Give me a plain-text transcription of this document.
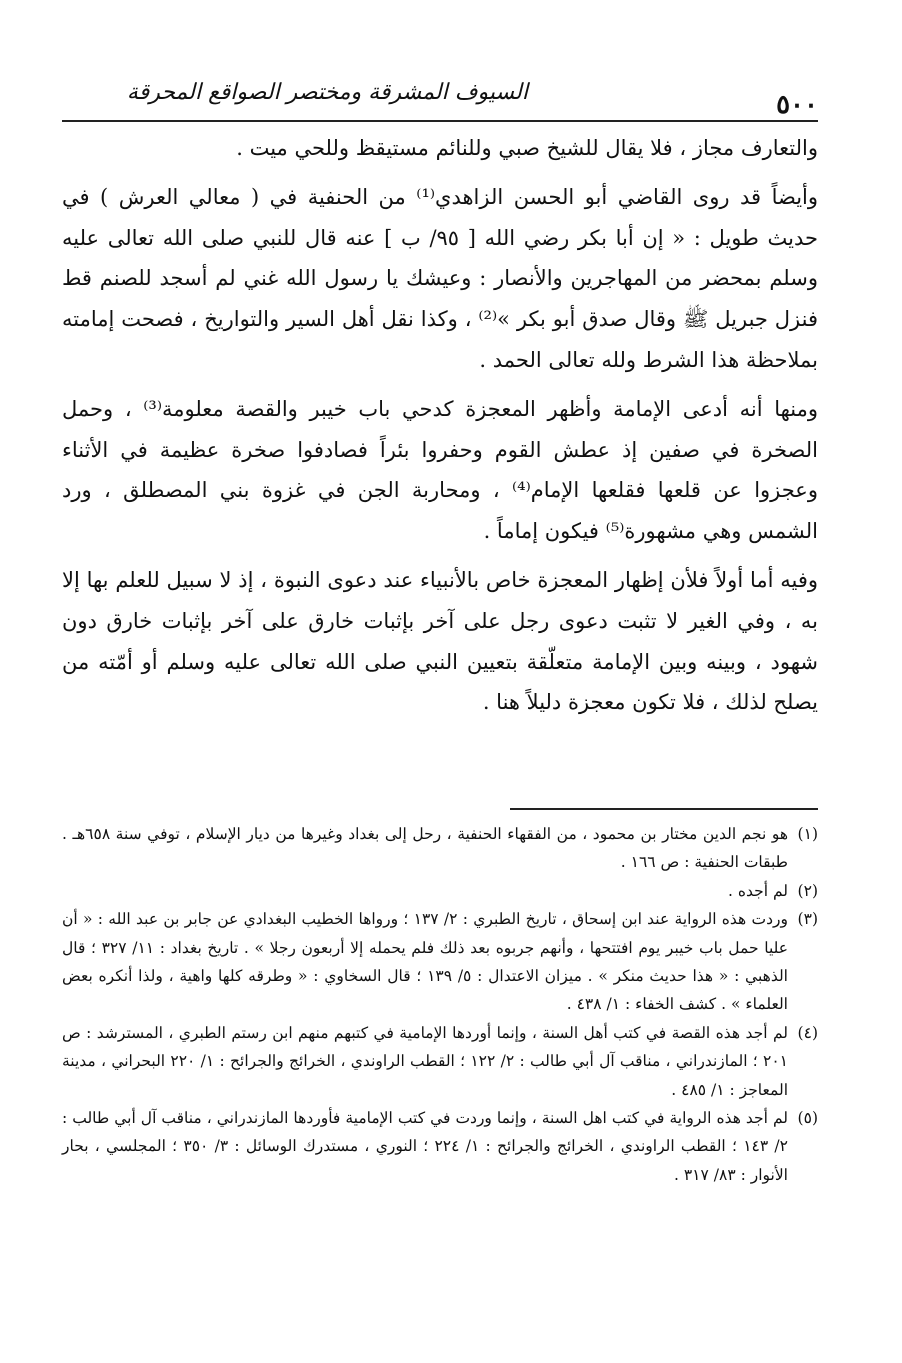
٥٠٠
السيوف المشرقة ومختصر الصواقع المحرقة

والتعارف مجاز ، فلا يقال للشيخ صبي وللنائم مستيقظ وللحي ميت .

وأيضاً قد روى القاضي أبو الحسن الزاهدي⁽¹⁾ من الحنفية في ( معالي العرش ) في حديث طويل : « إن أبا بكر رضي الله [ ٩٥/ ب ] عنه قال للنبي صلى الله تعالى عليه وسلم بمحضر من المهاجرين والأنصار : وعيشك يا رسول الله غني لم أسجد للصنم قط فنزل جبريل ﷺ وقال صدق أبو بكر »⁽²⁾ ، وكذا نقل أهل السير والتواريخ ، فصحت إمامته بملاحظة هذا الشرط ولله تعالى الحمد .

ومنها أنه أدعى الإمامة وأظهر المعجزة كدحي باب خيبر والقصة معلومة⁽³⁾ ، وحمل الصخرة في صفين إذ عطش القوم وحفروا بئراً فصادفوا صخرة عظيمة في الأثناء وعجزوا عن قلعها فقلعها الإمام⁽⁴⁾ ، ومحاربة الجن في غزوة بني المصطلق ، ورد الشمس وهي مشهورة⁽⁵⁾ فيكون إماماً .

وفيه أما أولاً فلأن إظهار المعجزة خاص بالأنبياء عند دعوى النبوة ، إذ لا سبيل للعلم بها إلا به ، وفي الغير لا تثبت دعوى رجل على آخر بإثبات خارق على آخر بإثبات خارق دون شهود ، وبينه وبين الإمامة متعلّقة بتعيين النبي صلى الله تعالى عليه وسلم أو أمّته من يصلح لذلك ، فلا تكون معجزة دليلاً هنا .

(١)
هو نجم الدين مختار بن محمود ، من الفقهاء الحنفية ، رحل إلى بغداد وغيرها من ديار الإسلام ، توفي سنة ٦٥٨هـ . طبقات الحنفية : ص ١٦٦ .
(٢)
لم أجده .
(٣)
وردت هذه الرواية عند ابن إسحاق ، تاريخ الطبري : ٢/ ١٣٧ ؛ ورواها الخطيب البغدادي عن جابر بن عبد الله : « أن عليا حمل باب خيبر يوم افتتحها ، وأنهم جربوه بعد ذلك فلم يحمله إلا أربعون رجلا » . تاريخ بغداد : ١١/ ٣٢٧ ؛ قال الذهبي : « هذا حديث منكر » . ميزان الاعتدال : ٥/ ١٣٩ ؛ قال السخاوي : « وطرقه كلها واهية ، ولذا أنكره بعض العلماء » . كشف الخفاء : ١/ ٤٣٨ .
(٤)
لم أجد هذه القصة في كتب أهل السنة ، وإنما أوردها الإمامية في كتبهم منهم ابن رستم الطبري ، المسترشد : ص ٢٠١ ؛ المازندراني ، مناقب آل أبي طالب : ٢/ ١٢٢ ؛ القطب الراوندي ، الخرائج والجرائح : ١/ ٢٢٠ البحراني ، مدينة المعاجز : ١/ ٤٨٥ .
(٥)
لم أجد هذه الرواية في كتب اهل السنة ، وإنما وردت في كتب الإمامية فأوردها المازندراني ، مناقب آل أبي طالب : ٢/ ١٤٣ ؛ القطب الراوندي ، الخرائج والجرائح : ١/ ٢٢٤ ؛ النوري ، مستدرك الوسائل : ٣/ ٣٥٠ ؛ المجلسي ، بحار الأنوار : ٨٣/ ٣١٧ .
